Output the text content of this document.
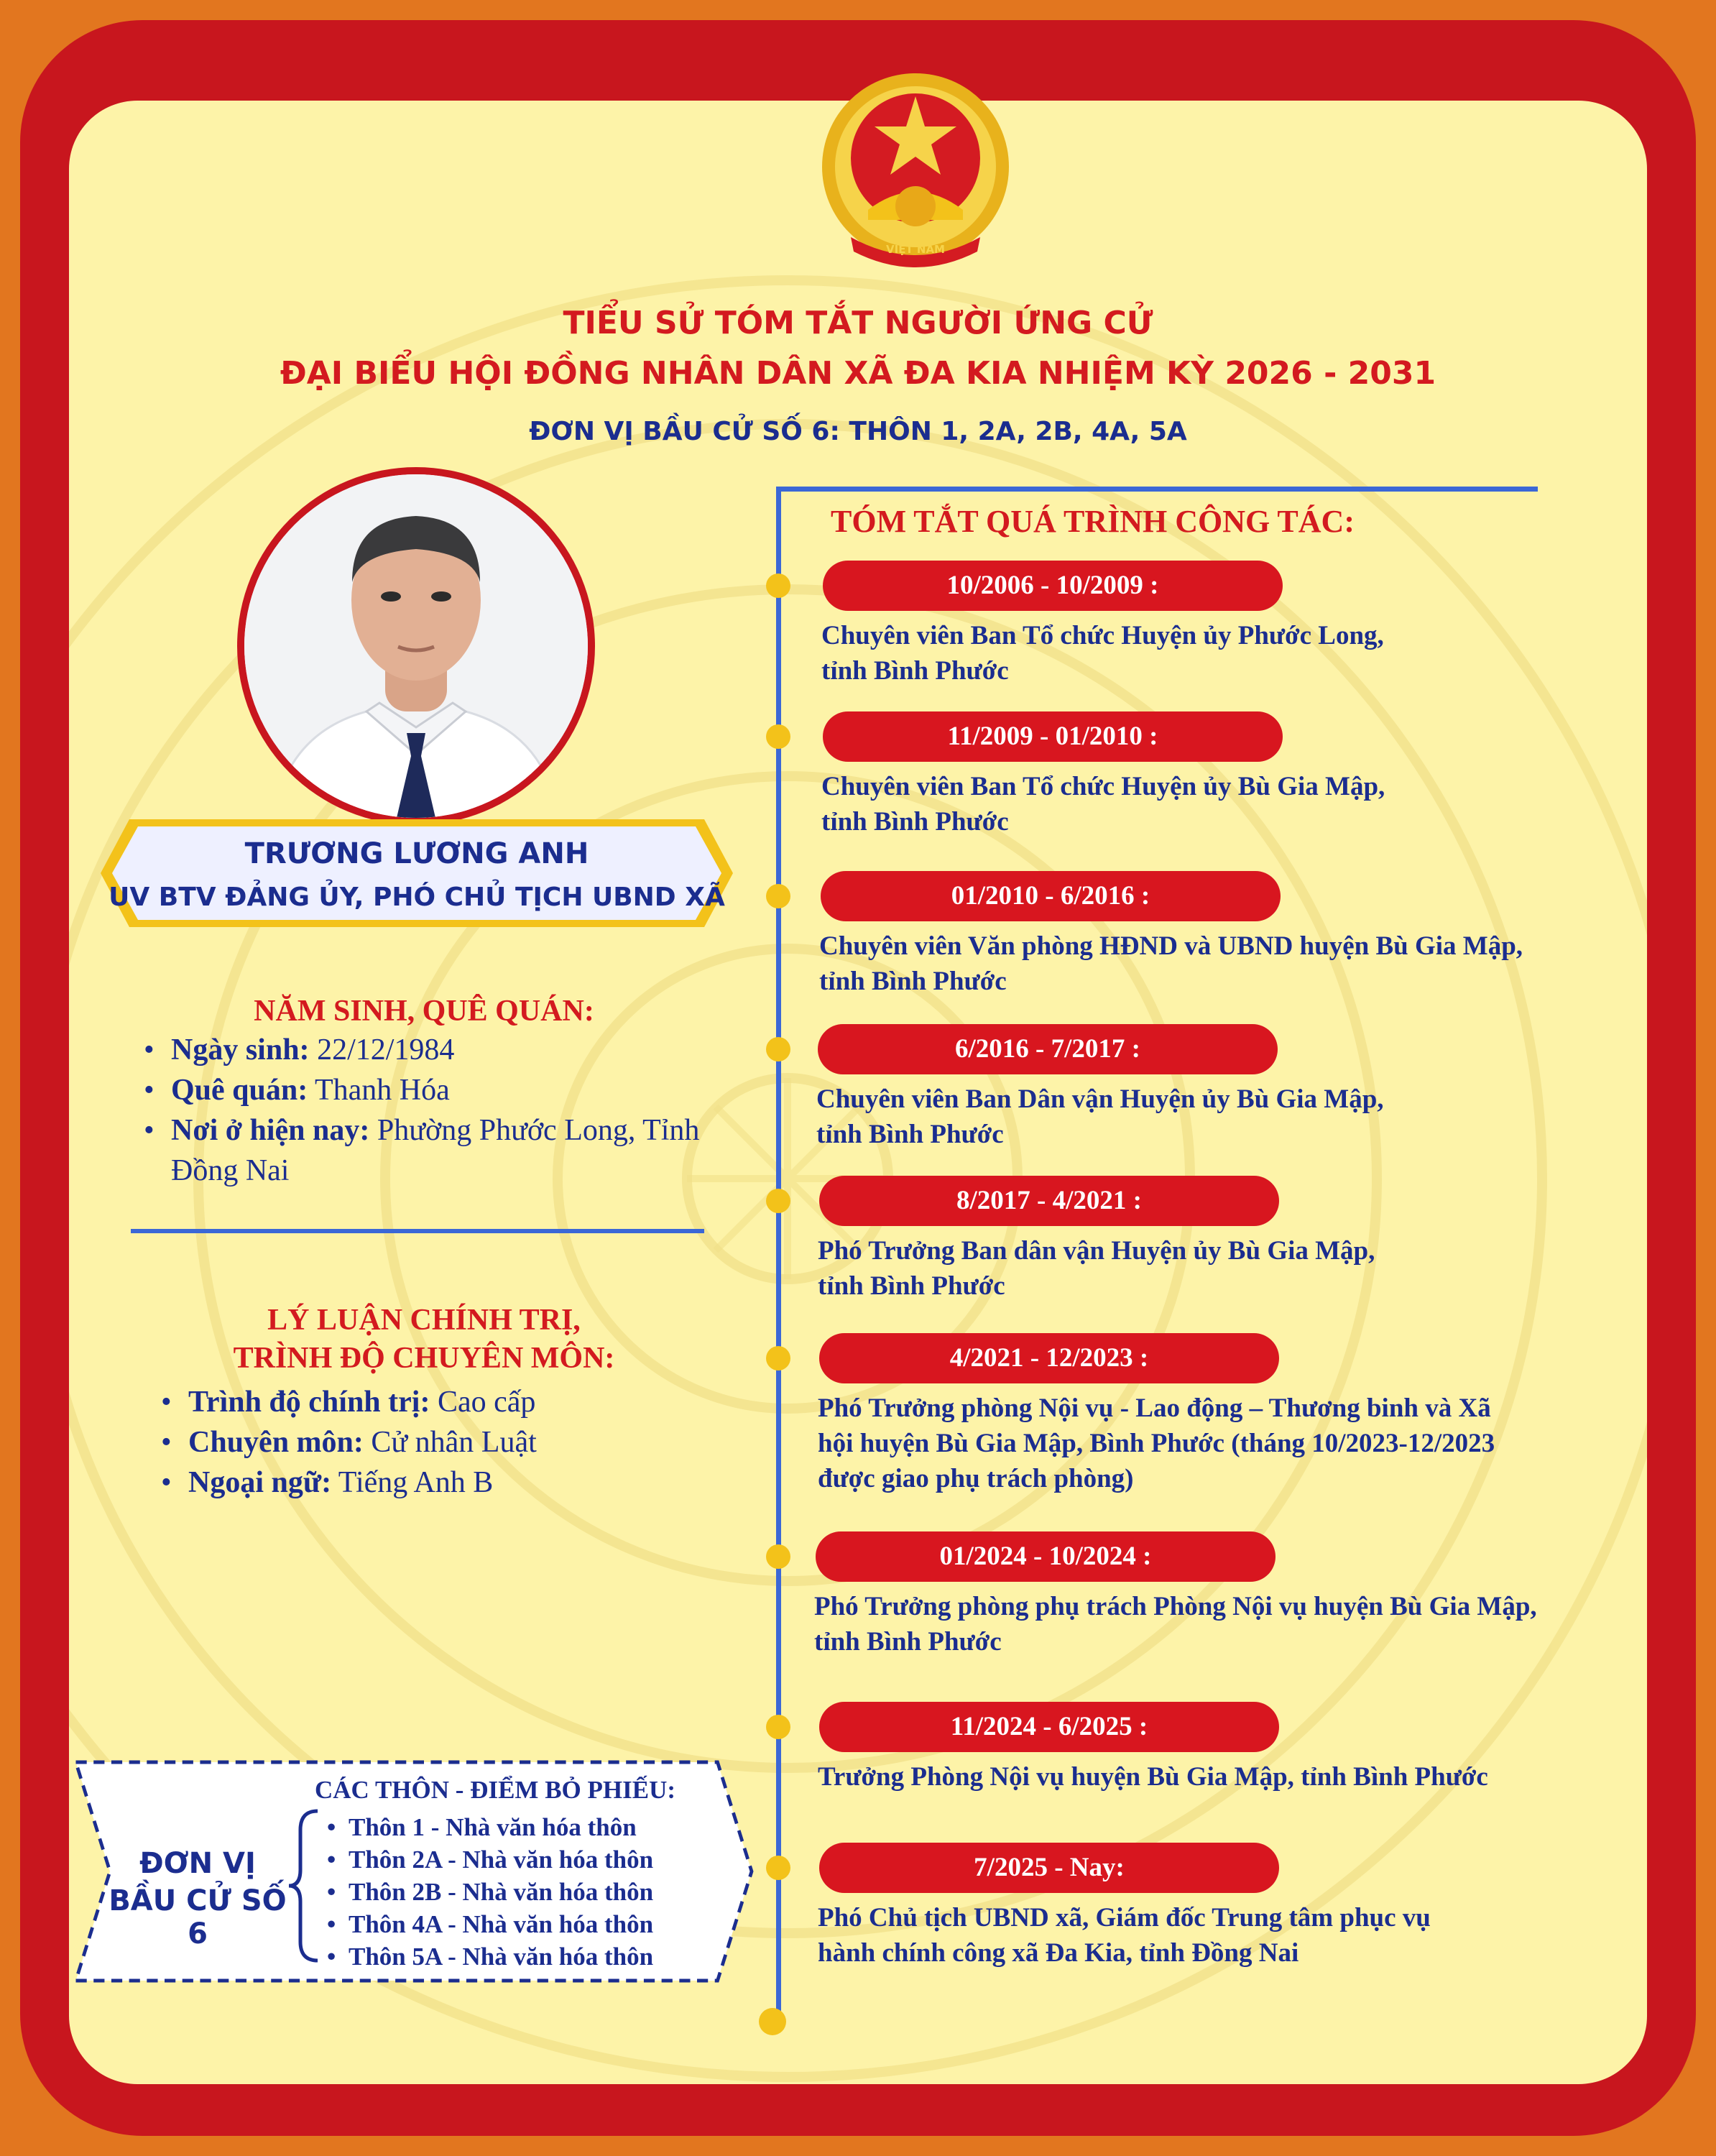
VIỆT NAM
TIỂU SỬ TÓM TẮT NGƯỜI ỨNG CỬ
ĐẠI BIỂU HỘI ĐỒNG NHÂN DÂN XÃ ĐA KIA NHIỆM KỲ 2026 - 2031
ĐƠN VỊ BẦU CỬ SỐ 6: THÔN 1, 2A, 2B, 4A, 5A
TÓM TẮT QUÁ TRÌNH CÔNG TÁC:
10/2006 - 10/2009 :
Chuyên viên Ban Tổ chức Huyện ủy Phước Long,
tỉnh Bình Phước
11/2009 - 01/2010 :
Chuyên viên Ban Tổ chức Huyện ủy Bù Gia Mập,
tỉnh Bình Phước
01/2010 - 6/2016 :
Chuyên viên Văn phòng HĐND và UBND huyện Bù Gia Mập,
tỉnh Bình Phước
6/2016 - 7/2017 :
Chuyên viên Ban Dân vận Huyện ủy Bù Gia Mập,
tỉnh Bình Phước
8/2017 - 4/2021 :
Phó Trưởng Ban dân vận Huyện ủy Bù Gia Mập,
tỉnh Bình Phước
4/2021 - 12/2023 :
Phó Trưởng phòng Nội vụ - Lao động – Thương binh và Xã
hội huyện Bù Gia Mập, Bình Phước (tháng 10/2023-12/2023
được giao phụ trách phòng)
01/2024 - 10/2024 :
Phó Trưởng phòng phụ trách Phòng Nội vụ huyện Bù Gia Mập,
tỉnh Bình Phước
11/2024 - 6/2025 :
Trưởng Phòng Nội vụ huyện Bù Gia Mập, tỉnh Bình Phước
7/2025 - Nay:
Phó Chủ tịch UBND xã, Giám đốc Trung tâm phục vụ
hành chính công xã Đa Kia, tỉnh Đồng Nai
TRƯƠNG LƯƠNG ANH
UV BTV ĐẢNG ỦY, PHÓ CHỦ TỊCH UBND XÃ
NĂM SINH, QUÊ QUÁN:
• Ngày sinh: 22/12/1984
• Quê quán: Thanh Hóa
• Nơi ở hiện nay: Phường Phước Long, Tỉnh Đồng Nai
LÝ LUẬN CHÍNH TRỊ,
TRÌNH ĐỘ CHUYÊN MÔN:
• Trình độ chính trị: Cao cấp
• Chuyên môn: Cử nhân Luật
• Ngoại ngữ: Tiếng Anh B
ĐƠN VỊ
BẦU CỬ SỐ 6
CÁC THÔN - ĐIỂM BỎ PHIẾU:
• Thôn 1 - Nhà văn hóa thôn
• Thôn 2A - Nhà văn hóa thôn
• Thôn 2B - Nhà văn hóa thôn
• Thôn 4A - Nhà văn hóa thôn
• Thôn 5A - Nhà văn hóa thôn
